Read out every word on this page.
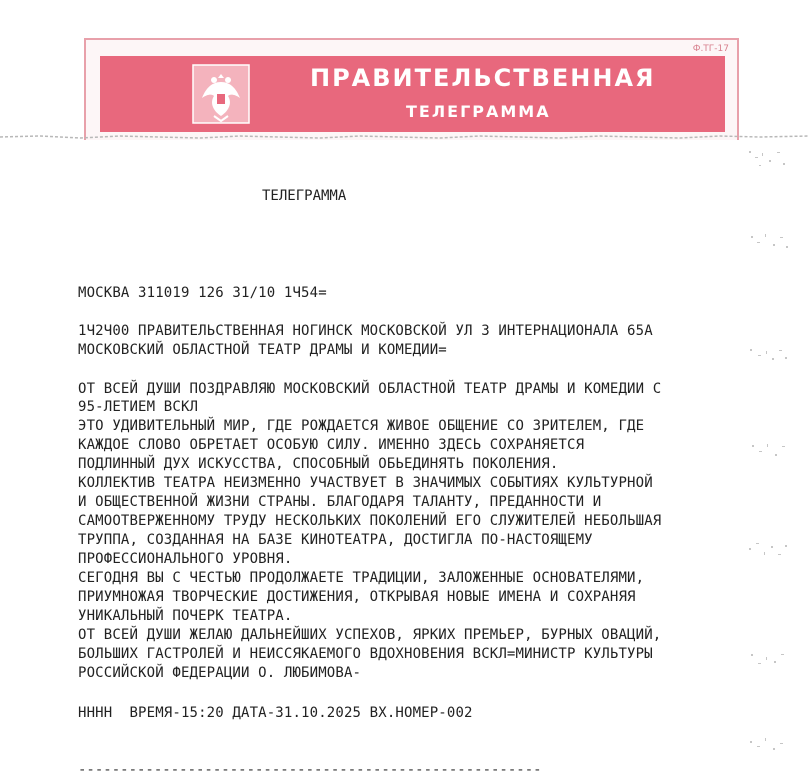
Ф.ТГ-17
ПРАВИТЕЛЬСТВЕННАЯ
ТЕЛЕГРАММА
ТЕЛЕГРАММА
МОСКВА 311019 126 31/10 1Ч54=
1Ч2Ч00 ПРАВИТЕЛЬСТВЕННАЯ НОГИНСК МОСКОВСКОЙ УЛ 3 ИНТЕРНАЦИОНАЛА 65А
МОСКОВСКИЙ ОБЛАСТНОЙ ТЕАТР ДРАМЫ И КОМЕДИИ=
ОТ ВСЕЙ ДУШИ ПОЗДРАВЛЯЮ МОСКОВСКИЙ ОБЛАСТНОЙ ТЕАТР ДРАМЫ И КОМЕДИИ С
95-ЛЕТИЕМ ВСКЛ
ЭТО УДИВИТЕЛЬНЫЙ МИР, ГДЕ РОЖДАЕТСЯ ЖИВОЕ ОБЩЕНИЕ СО ЗРИТЕЛЕМ, ГДЕ
КАЖДОЕ СЛОВО ОБРЕТАЕТ ОСОБУЮ СИЛУ. ИМЕННО ЗДЕСЬ СОХРАНЯЕТСЯ
ПОДЛИННЫЙ ДУХ ИСКУССТВА, СПОСОБНЫЙ ОБЬЕДИНЯТЬ ПОКОЛЕНИЯ.
КОЛЛЕКТИВ ТЕАТРА НЕИЗМЕННО УЧАСТВУЕТ В ЗНАЧИМЫХ СОБЫТИЯХ КУЛЬТУРНОЙ
И ОБЩЕСТВЕННОЙ ЖИЗНИ СТРАНЫ. БЛАГОДАРЯ ТАЛАНТУ, ПРЕДАННОСТИ И
САМООТВЕРЖЕННОМУ ТРУДУ НЕСКОЛЬКИХ ПОКОЛЕНИЙ ЕГО СЛУЖИТЕЛЕЙ НЕБОЛЬШАЯ
ТРУППА, СОЗДАННАЯ НА БАЗЕ КИНОТЕАТРА, ДОСТИГЛА ПО-НАСТОЯЩЕМУ
ПРОФЕССИОНАЛЬНОГО УРОВНЯ.
СЕГОДНЯ ВЫ С ЧЕСТЬЮ ПРОДОЛЖАЕТЕ ТРАДИЦИИ, ЗАЛОЖЕННЫЕ ОСНОВАТЕЛЯМИ,
ПРИУМНОЖАЯ ТВОРЧЕСКИЕ ДОСТИЖЕНИЯ, ОТКРЫВАЯ НОВЫЕ ИМЕНА И СОХРАНЯЯ
УНИКАЛЬНЫЙ ПОЧЕРК ТЕАТРА.
ОТ ВСЕЙ ДУШИ ЖЕЛАЮ ДАЛЬНЕЙШИХ УСПЕХОВ, ЯРКИХ ПРЕМЬЕР, БУРНЫХ ОВАЦИЙ,
БОЛЬШИХ ГАСТРОЛЕЙ И НЕИССЯКАЕМОГО ВДОХНОВЕНИЯ ВСКЛ=МИНИСТР КУЛЬТУРЫ
РОССИЙСКОЙ ФЕДЕРАЦИИ О. ЛЮБИМОВА-
НННН  ВРЕМЯ-15:20 ДАТА-31.10.2025 ВХ.НОМЕР-002
-------------------------------------------------------
